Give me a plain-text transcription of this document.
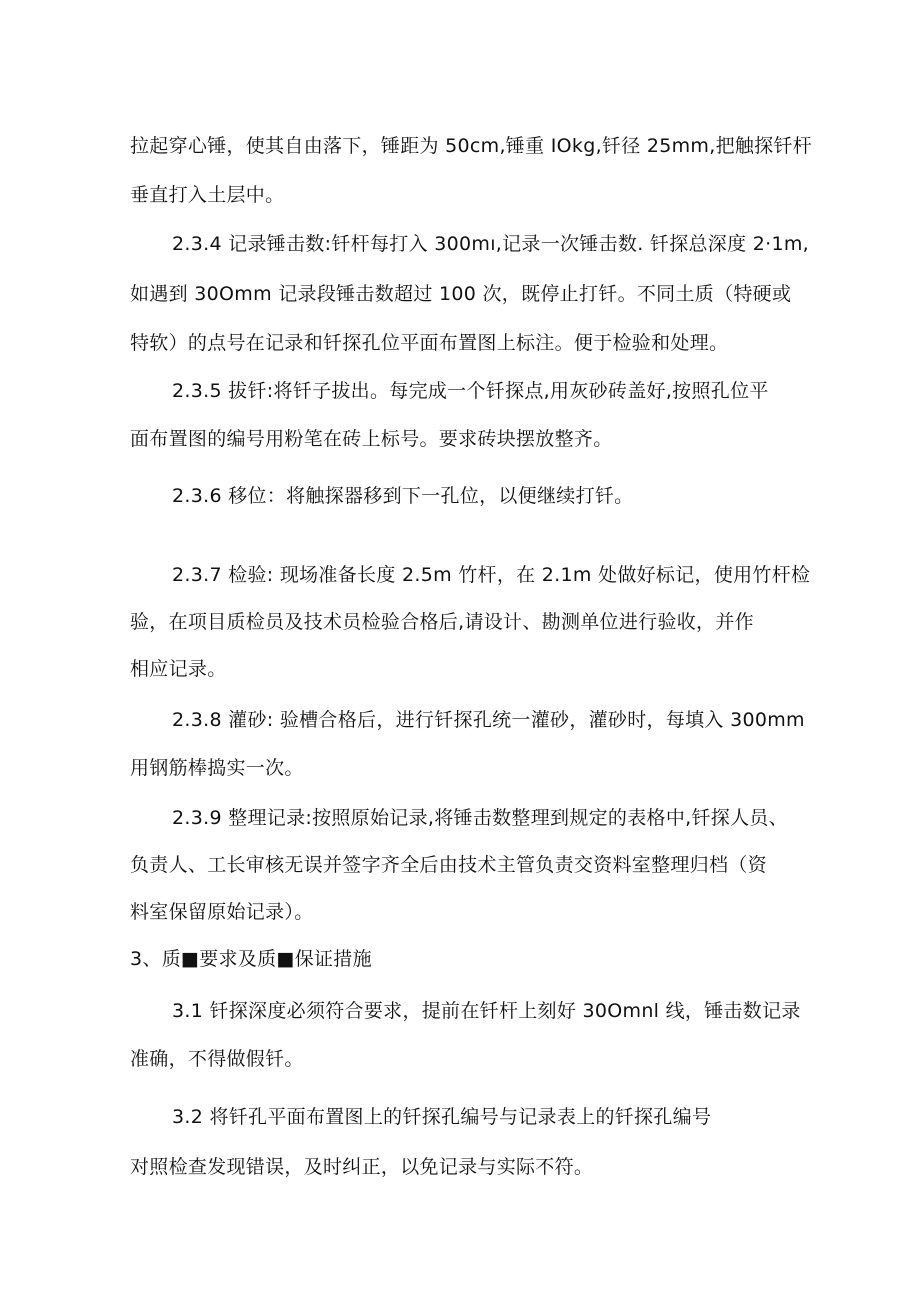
拉起穿心锤，使其自由落下，锤距为 50cm,锤重 IOkg,钎径 25mm,把触探钎杆
垂直打入土层中。
2.3.4 记录锤击数:钎杆每打入 300mı,记录一次锤击数. 钎探总深度 2·1m,
如遇到 30Omm 记录段锤击数超过 100 次，既停止打钎。不同土质（特硬或
特软）的点号在记录和钎探孔位平面布置图上标注。便于检验和处理。
2.3.5 拔钎:将钎子拔出。每完成一个钎探点,用灰砂砖盖好,按照孔位平
面布置图的编号用粉笔在砖上标号。要求砖块摆放整齐。
2.3.6 移位：将触探器移到下一孔位，以便继续打钎。
2.3.7 检验: 现场准备长度 2.5m 竹杆，在 2.1m 处做好标记，使用竹杆检
验，在项目质检员及技术员检验合格后,请设计、勘测单位进行验收，并作
相应记录。
2.3.8 灌砂: 验槽合格后，进行钎探孔统一灌砂，灌砂时，每填入 300mm
用钢筋棒捣实一次。
2.3.9 整理记录:按照原始记录,将锤击数整理到规定的表格中,钎探人员、
负责人、工长审核无误并签字齐全后由技术主管负责交资料室整理归档（资
料室保留原始记录）。
3、质■要求及质■保证措施
3.1 钎探深度必须符合要求，提前在钎杆上刻好 30Omnl 线，锤击数记录
准确，不得做假钎。
3.2 将钎孔平面布置图上的钎探孔编号与记录表上的钎探孔编号
对照检查发现错误，及时纠正，以免记录与实际不符。
